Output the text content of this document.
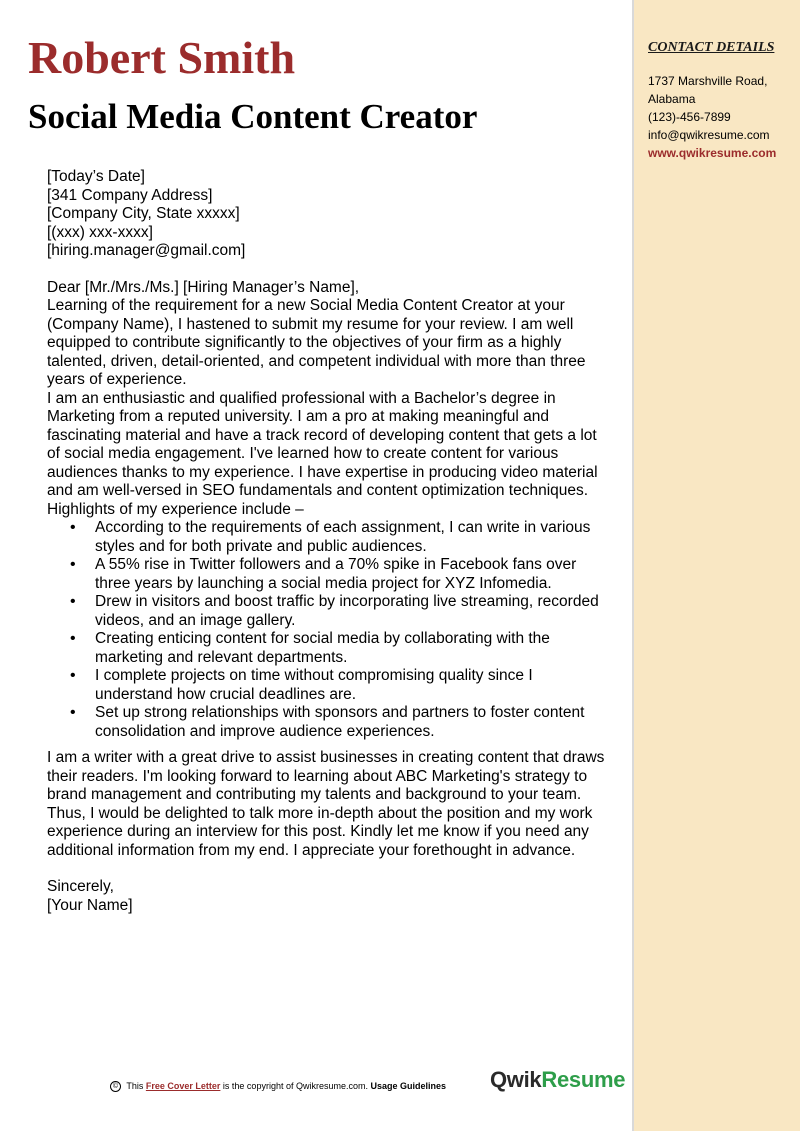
Robert Smith
Social Media Content Creator

[Today’s Date]

[341 Company Address]

[Company City, State xxxxx]

[(xxx) xxx-xxxx]

[hiring.manager@gmail.com]

Dear [Mr./Mrs./Ms.] [Hiring Manager’s Name],

Learning of the requirement for a new Social Media Content Creator at your (Company Name), I hastened to submit my resume for your review. I am well equipped to contribute significantly to the objectives of your firm as a highly talented, driven, detail-oriented, and competent individual with more than three years of experience.

I am an enthusiastic and qualified professional with a Bachelor’s degree in Marketing from a reputed university. I am a pro at making meaningful and fascinating material and have a track record of developing content that gets a lot of social media engagement. I've learned how to create content for various audiences thanks to my experience. I have expertise in producing video material and am well-versed in SEO fundamentals and content optimization techniques. Highlights of my experience include –

• According to the requirements of each assignment, I can write in various styles and for both private and public audiences.
• A 55% rise in Twitter followers and a 70% spike in Facebook fans over three years by launching a social media project for XYZ Infomedia.
• Drew in visitors and boost traffic by incorporating live streaming, recorded videos, and an image gallery.
• Creating enticing content for social media by collaborating with the marketing and relevant departments.
• I complete projects on time without compromising quality since I understand how crucial deadlines are.
• Set up strong relationships with sponsors and partners to foster content consolidation and improve audience experiences.

I am a writer with a great drive to assist businesses in creating content that draws their readers. I'm looking forward to learning about ABC Marketing's strategy to brand management and contributing my talents and background to your team.

Thus, I would be delighted to talk more in-depth about the position and my work experience during an interview for this post. Kindly let me know if you need any additional information from my end. I appreciate your forethought in advance.

Sincerely,

[Your Name]

© This Free Cover Letter is the copyright of Qwikresume.com. Usage Guidelines QwikResume
CONTACT DETAILS
1737 Marshville Road,
Alabama
(123)-456-7899
info@qwikresume.com
www.qwikresume.com
